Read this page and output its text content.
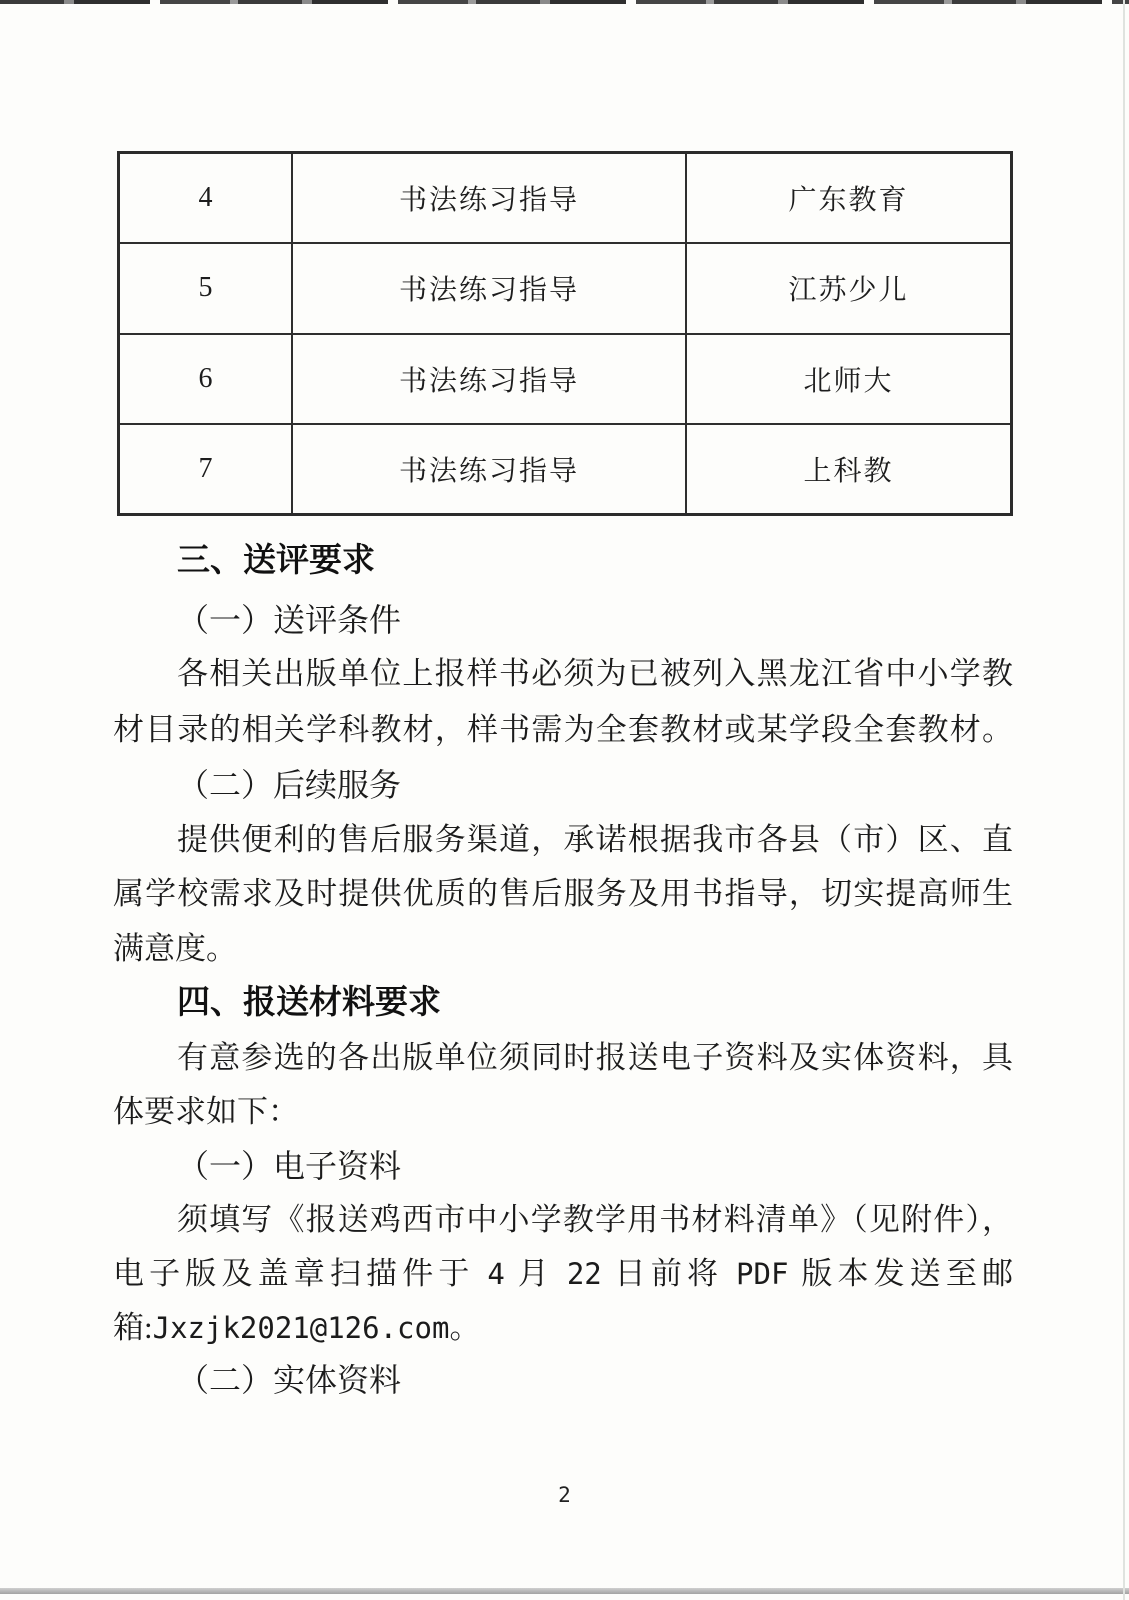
4	书法练习指导	广东教育
5	书法练习指导	江苏少儿
6	书法练习指导	北师大
7	书法练习指导	上科教
三、送评要求
（一）送评条件
各相关出版单位上报样书必须为已被列入黑龙江省中小学教
材目录的相关学科教材，样书需为全套教材或某学段全套教材。
（二）后续服务
提供便利的售后服务渠道，承诺根据我市各县（市）区、直
属学校需求及时提供优质的售后服务及用书指导，切实提高师生
满意度。
四、报送材料要求
有意参选的各出版单位须同时报送电子资料及实体资料，具
体要求如下：
（一）电子资料
须填写《报送鸡西市中小学教学用书材料清单》（见附件），
电子版及盖章扫描件于 4 月 22 日前将 PDF 版本发送至邮
箱:Jxzjk2021@126.com。
（二）实体资料
2
